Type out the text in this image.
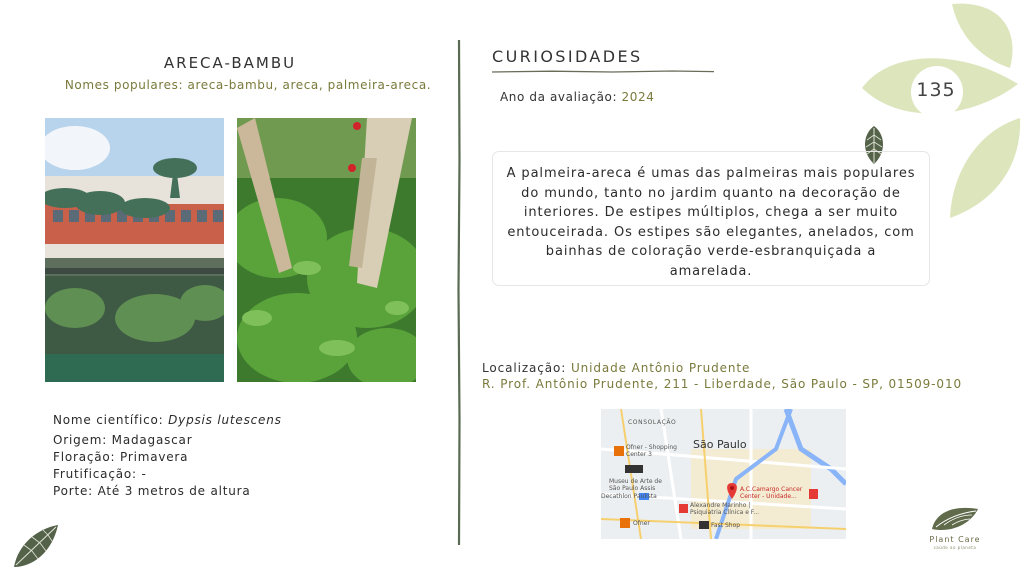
135
ARECA-BAMBU
Nomes populares: areca-bambu, areca, palmeira-areca.
Nome científico: Dypsis lutescens
Origem: Madagascar
Floração: Primavera
Frutificação: -
Porte: Até 3 metros de altura
CURIOSIDADES
Ano da avaliação: 2024
A palmeira-areca é umas das palmeiras mais populares do mundo, tanto no jardim quanto na decoração de interiores. De estipes múltiplos, chega a ser muito entouceirada. Os estipes são elegantes, anelados, com bainhas de coloração verde-esbranquiçada a amarelada.
Localização: Unidade Antônio Prudente
R. Prof. Antônio Prudente, 211 - Liberdade, São Paulo - SP, 01509-010
CONSOLAÇÃO
São Paulo
Ofner - Shopping
Center 3
Museu de Arte de
São Paulo Assis
Decathlon Paulista
Alexandre Marinho |
Psiquiatria Clínica e F...
A.C.Camargo Cancer
Center - Unidade...
Ofner	Fast Shop
Plant Care
saúde ao planeta
